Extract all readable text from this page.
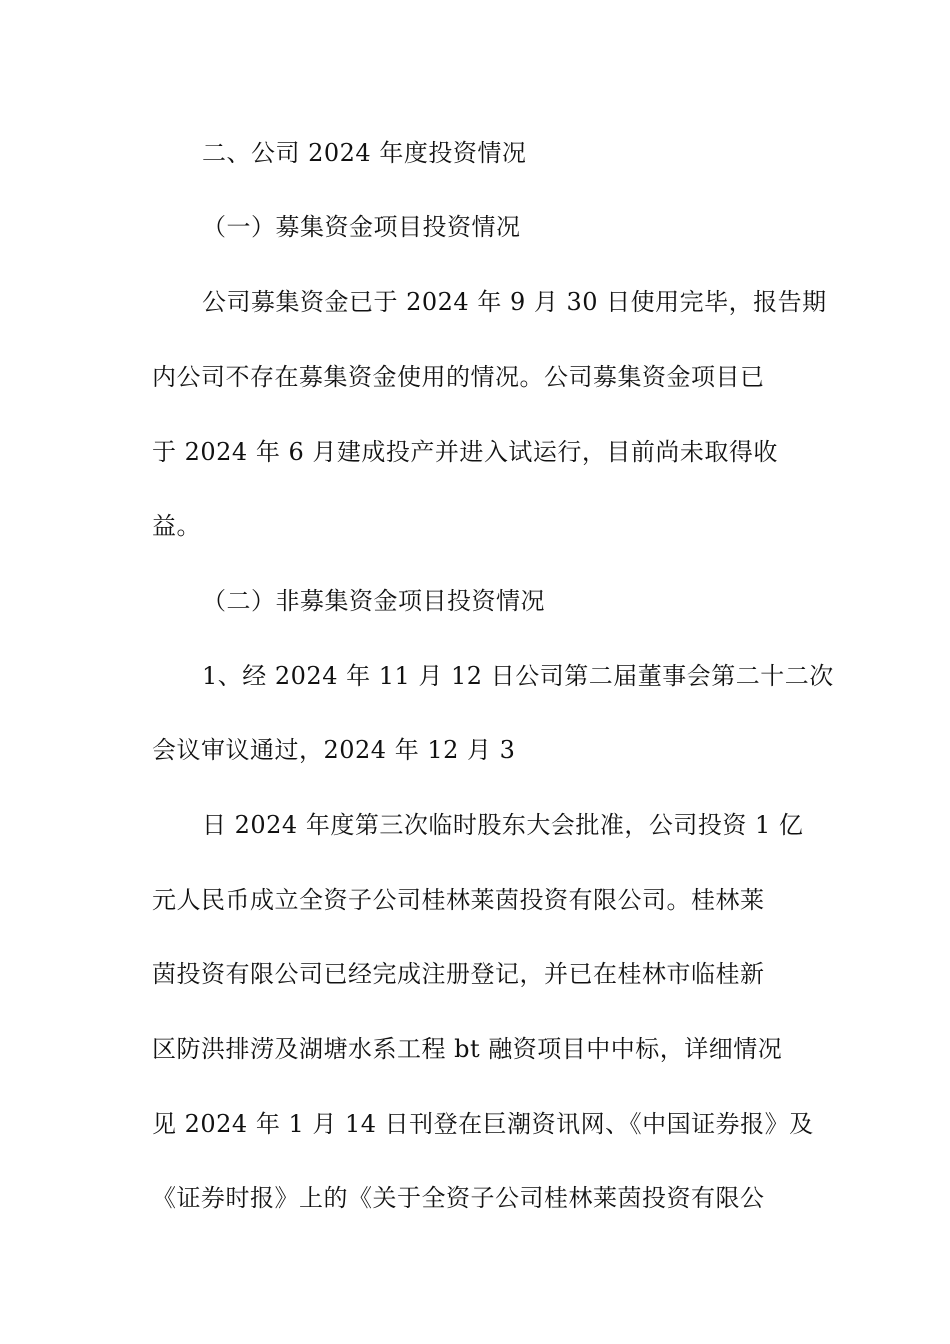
二、公司 2024 年度投资情况
（一）募集资金项目投资情况
公司募集资金已于 2024 年 9 月 30 日使用完毕，报告期
内公司不存在募集资金使用的情况。公司募集资金项目已
于 2024 年 6 月建成投产并进入试运行，目前尚未取得收
益。
（二）非募集资金项目投资情况
1、经 2024 年 11 月 12 日公司第二届董事会第二十二次
会议审议通过，2024 年 12 月 3
日 2024 年度第三次临时股东大会批准，公司投资 1 亿
元人民币成立全资子公司桂林莱茵投资有限公司。桂林莱
茵投资有限公司已经完成注册登记，并已在桂林市临桂新
区防洪排涝及湖塘水系工程 bt 融资项目中中标，详细情况
见 2024 年 1 月 14 日刊登在巨潮资讯网、《中国证券报》及
《证券时报》上的《关于全资子公司桂林莱茵投资有限公
